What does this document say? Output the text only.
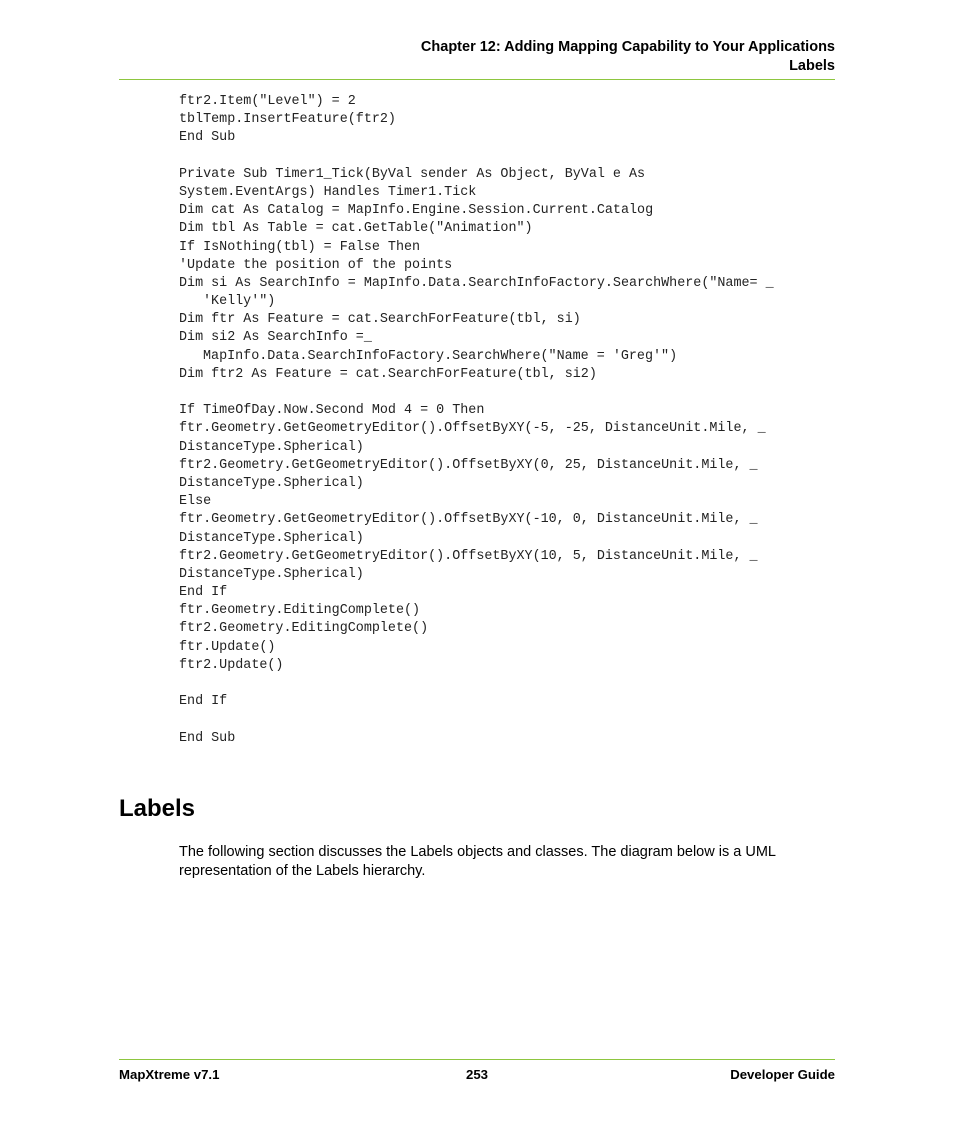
Chapter 12: Adding Mapping Capability to Your Applications
Labels
ftr2.Item("Level") = 2
tblTemp.InsertFeature(ftr2)
End Sub
Private Sub Timer1_Tick(ByVal sender As Object, ByVal e As
System.EventArgs) Handles Timer1.Tick
Dim cat As Catalog = MapInfo.Engine.Session.Current.Catalog
Dim tbl As Table = cat.GetTable("Animation")
If IsNothing(tbl) = False Then
'Update the position of the points
Dim si As SearchInfo = MapInfo.Data.SearchInfoFactory.SearchWhere("Name= _
'Kelly'")
Dim ftr As Feature = cat.SearchForFeature(tbl, si)
Dim si2 As SearchInfo =_
MapInfo.Data.SearchInfoFactory.SearchWhere("Name = 'Greg'")
Dim ftr2 As Feature = cat.SearchForFeature(tbl, si2)
If TimeOfDay.Now.Second Mod 4 = 0 Then
ftr.Geometry.GetGeometryEditor().OffsetByXY(-5, -25, DistanceUnit.Mile, _
DistanceType.Spherical)
ftr2.Geometry.GetGeometryEditor().OffsetByXY(0, 25, DistanceUnit.Mile, _
DistanceType.Spherical)
Else
ftr.Geometry.GetGeometryEditor().OffsetByXY(-10, 0, DistanceUnit.Mile, _
DistanceType.Spherical)
ftr2.Geometry.GetGeometryEditor().OffsetByXY(10, 5, DistanceUnit.Mile, _
DistanceType.Spherical)
End If
ftr.Geometry.EditingComplete()
ftr2.Geometry.EditingComplete()
ftr.Update()
ftr2.Update()
End If
End Sub
Labels
The following section discusses the Labels objects and classes. The diagram below is a UML
representation of the Labels hierarchy.
253
MapXtreme v7.1	Developer Guide
